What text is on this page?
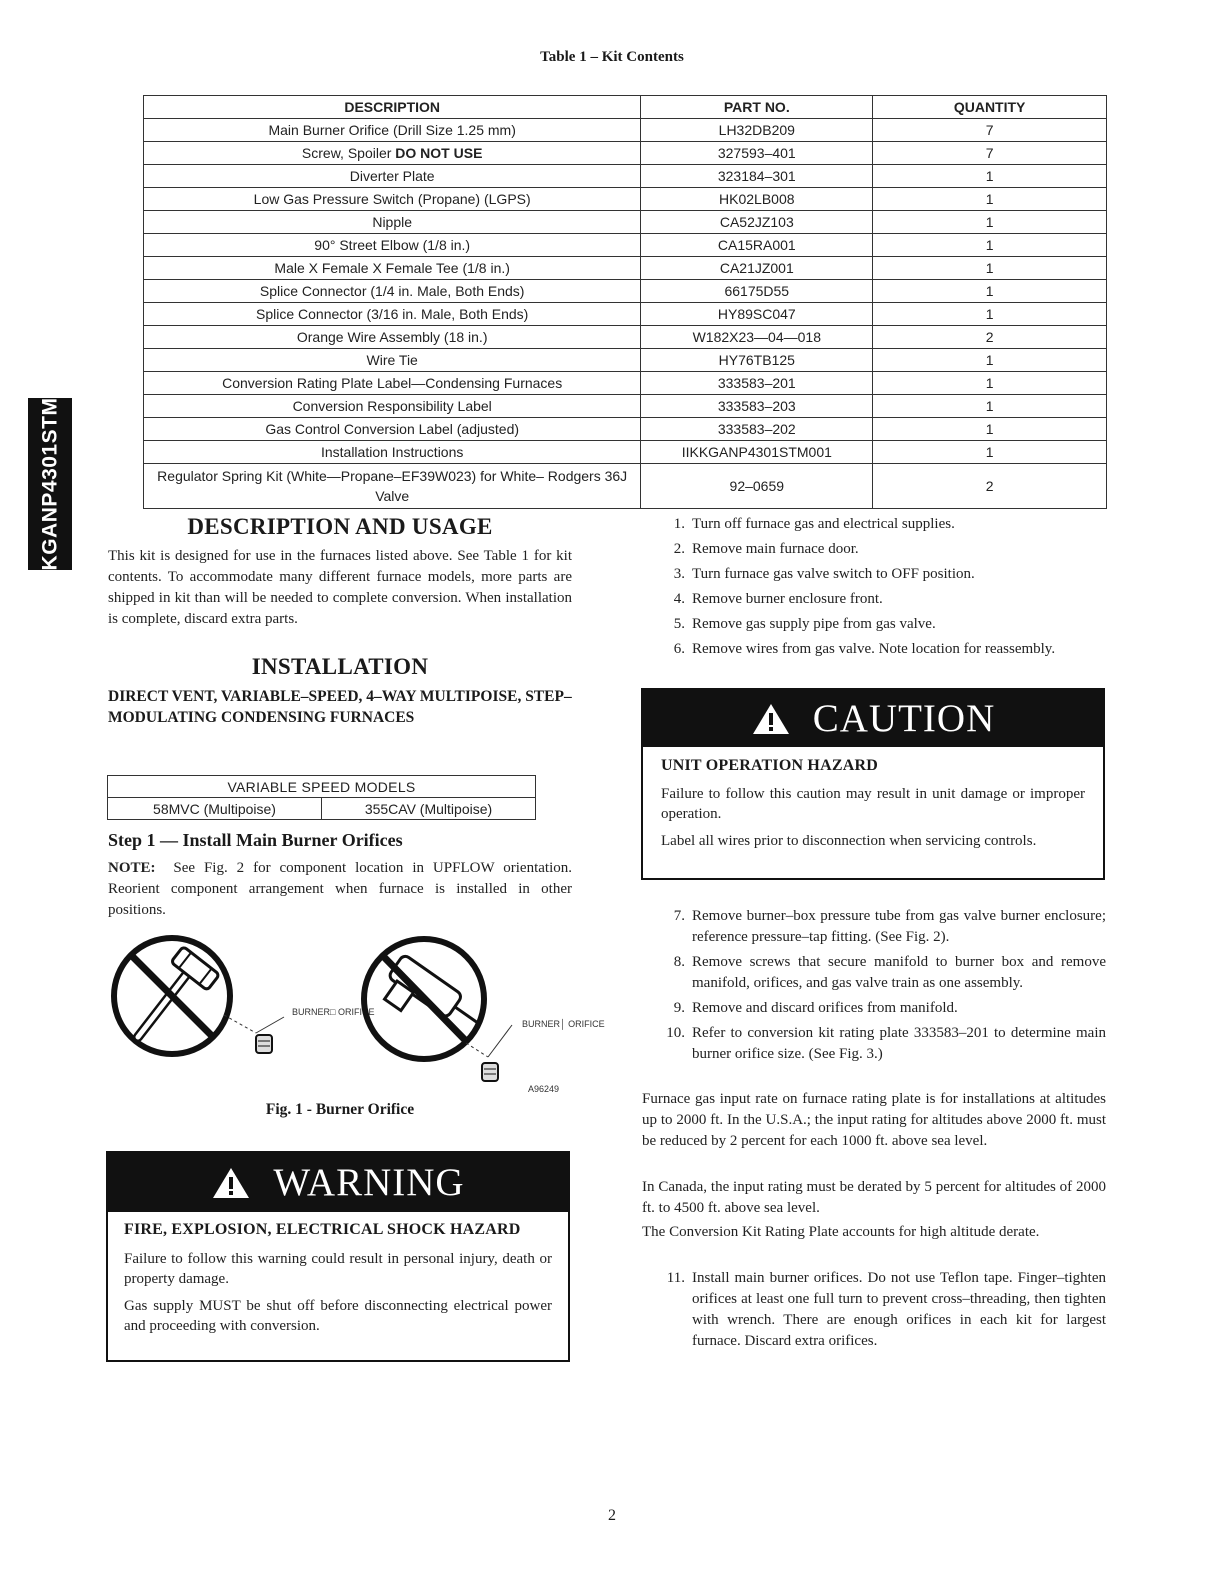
KGANP4301STM
Table 1 – Kit Contents
DESCRIPTION	PART NO.	QUANTITY
Main Burner Orifice (Drill Size 1.25 mm)	LH32DB209	7
Screw, Spoiler DO NOT USE	327593–401	7
Diverter Plate	323184–301	1
Low Gas Pressure Switch (Propane) (LGPS)	HK02LB008	1
Nipple	CA52JZ103	1
90° Street Elbow (1/8 in.)	CA15RA001	1
Male X Female X Female Tee (1/8 in.)	CA21JZ001	1
Splice Connector (1/4 in. Male, Both Ends)	66175D55	1
Splice Connector (3/16 in. Male, Both Ends)	HY89SC047	1
Orange Wire Assembly (18 in.)	W182X23—04—018	2
Wire Tie	HY76TB125	1
Conversion Rating Plate Label—Condensing Furnaces	333583–201	1
Conversion Responsibility Label	333583–203	1
Gas Control Conversion Label (adjusted)	333583–202	1
Installation Instructions	IIKKGANP4301STM001	1
Regulator Spring Kit (White—Propane–EF39W023) for White– Rodgers 36J Valve	92–0659	2
DESCRIPTION AND USAGE
This kit is designed for use in the furnaces listed above. See Table 1 for kit contents. To accommodate many different furnace models, more parts are shipped in kit than will be needed to complete conversion. When installation is complete, discard extra parts.
INSTALLATION
DIRECT VENT, VARIABLE–SPEED, 4–WAY MULTIPOISE, STEP–MODULATING CONDENSING FURNACES
VARIABLE SPEED MODELS
58MVC (Multipoise)	355CAV (Multipoise)
Step 1 — Install Main Burner Orifices
NOTE: See Fig. 2 for component location in UPFLOW orientation. Reorient component arrangement when furnace is installed in other positions.
BURNER□ ORIFICE
BURNER│ ORIFICE
A96249
Fig. 1 - Burner Orifice
WARNING
FIRE, EXPLOSION, ELECTRICAL SHOCK HAZARD
Failure to follow this warning could result in personal injury, death or property damage.
Gas supply MUST be shut off before disconnecting electrical power and proceeding with conversion.
1. Turn off furnace gas and electrical supplies.
2. Remove main furnace door.
3. Turn furnace gas valve switch to OFF position.
4. Remove burner enclosure front.
5. Remove gas supply pipe from gas valve.
6. Remove wires from gas valve. Note location for reassembly.
CAUTION
UNIT OPERATION HAZARD
Failure to follow this caution may result in unit damage or improper operation.
Label all wires prior to disconnection when servicing controls.
7. Remove burner–box pressure tube from gas valve burner enclosure; reference pressure–tap fitting. (See Fig. 2).
8. Remove screws that secure manifold to burner box and remove manifold, orifices, and gas valve train as one assembly.
9. Remove and discard orifices from manifold.
10. Refer to conversion kit rating plate 333583–201 to determine main burner orifice size. (See Fig. 3.)
Furnace gas input rate on furnace rating plate is for installations at altitudes up to 2000 ft. In the U.S.A.; the input rating for altitudes above 2000 ft. must be reduced by 2 percent for each 1000 ft. above sea level.
In Canada, the input rating must be derated by 5 percent for altitudes of 2000 ft. to 4500 ft. above sea level.
The Conversion Kit Rating Plate accounts for high altitude derate.
11. Install main burner orifices. Do not use Teflon tape. Finger–tighten orifices at least one full turn to prevent cross–threading, then tighten with wrench. There are enough orifices in each kit for largest furnace. Discard extra orifices.
2
